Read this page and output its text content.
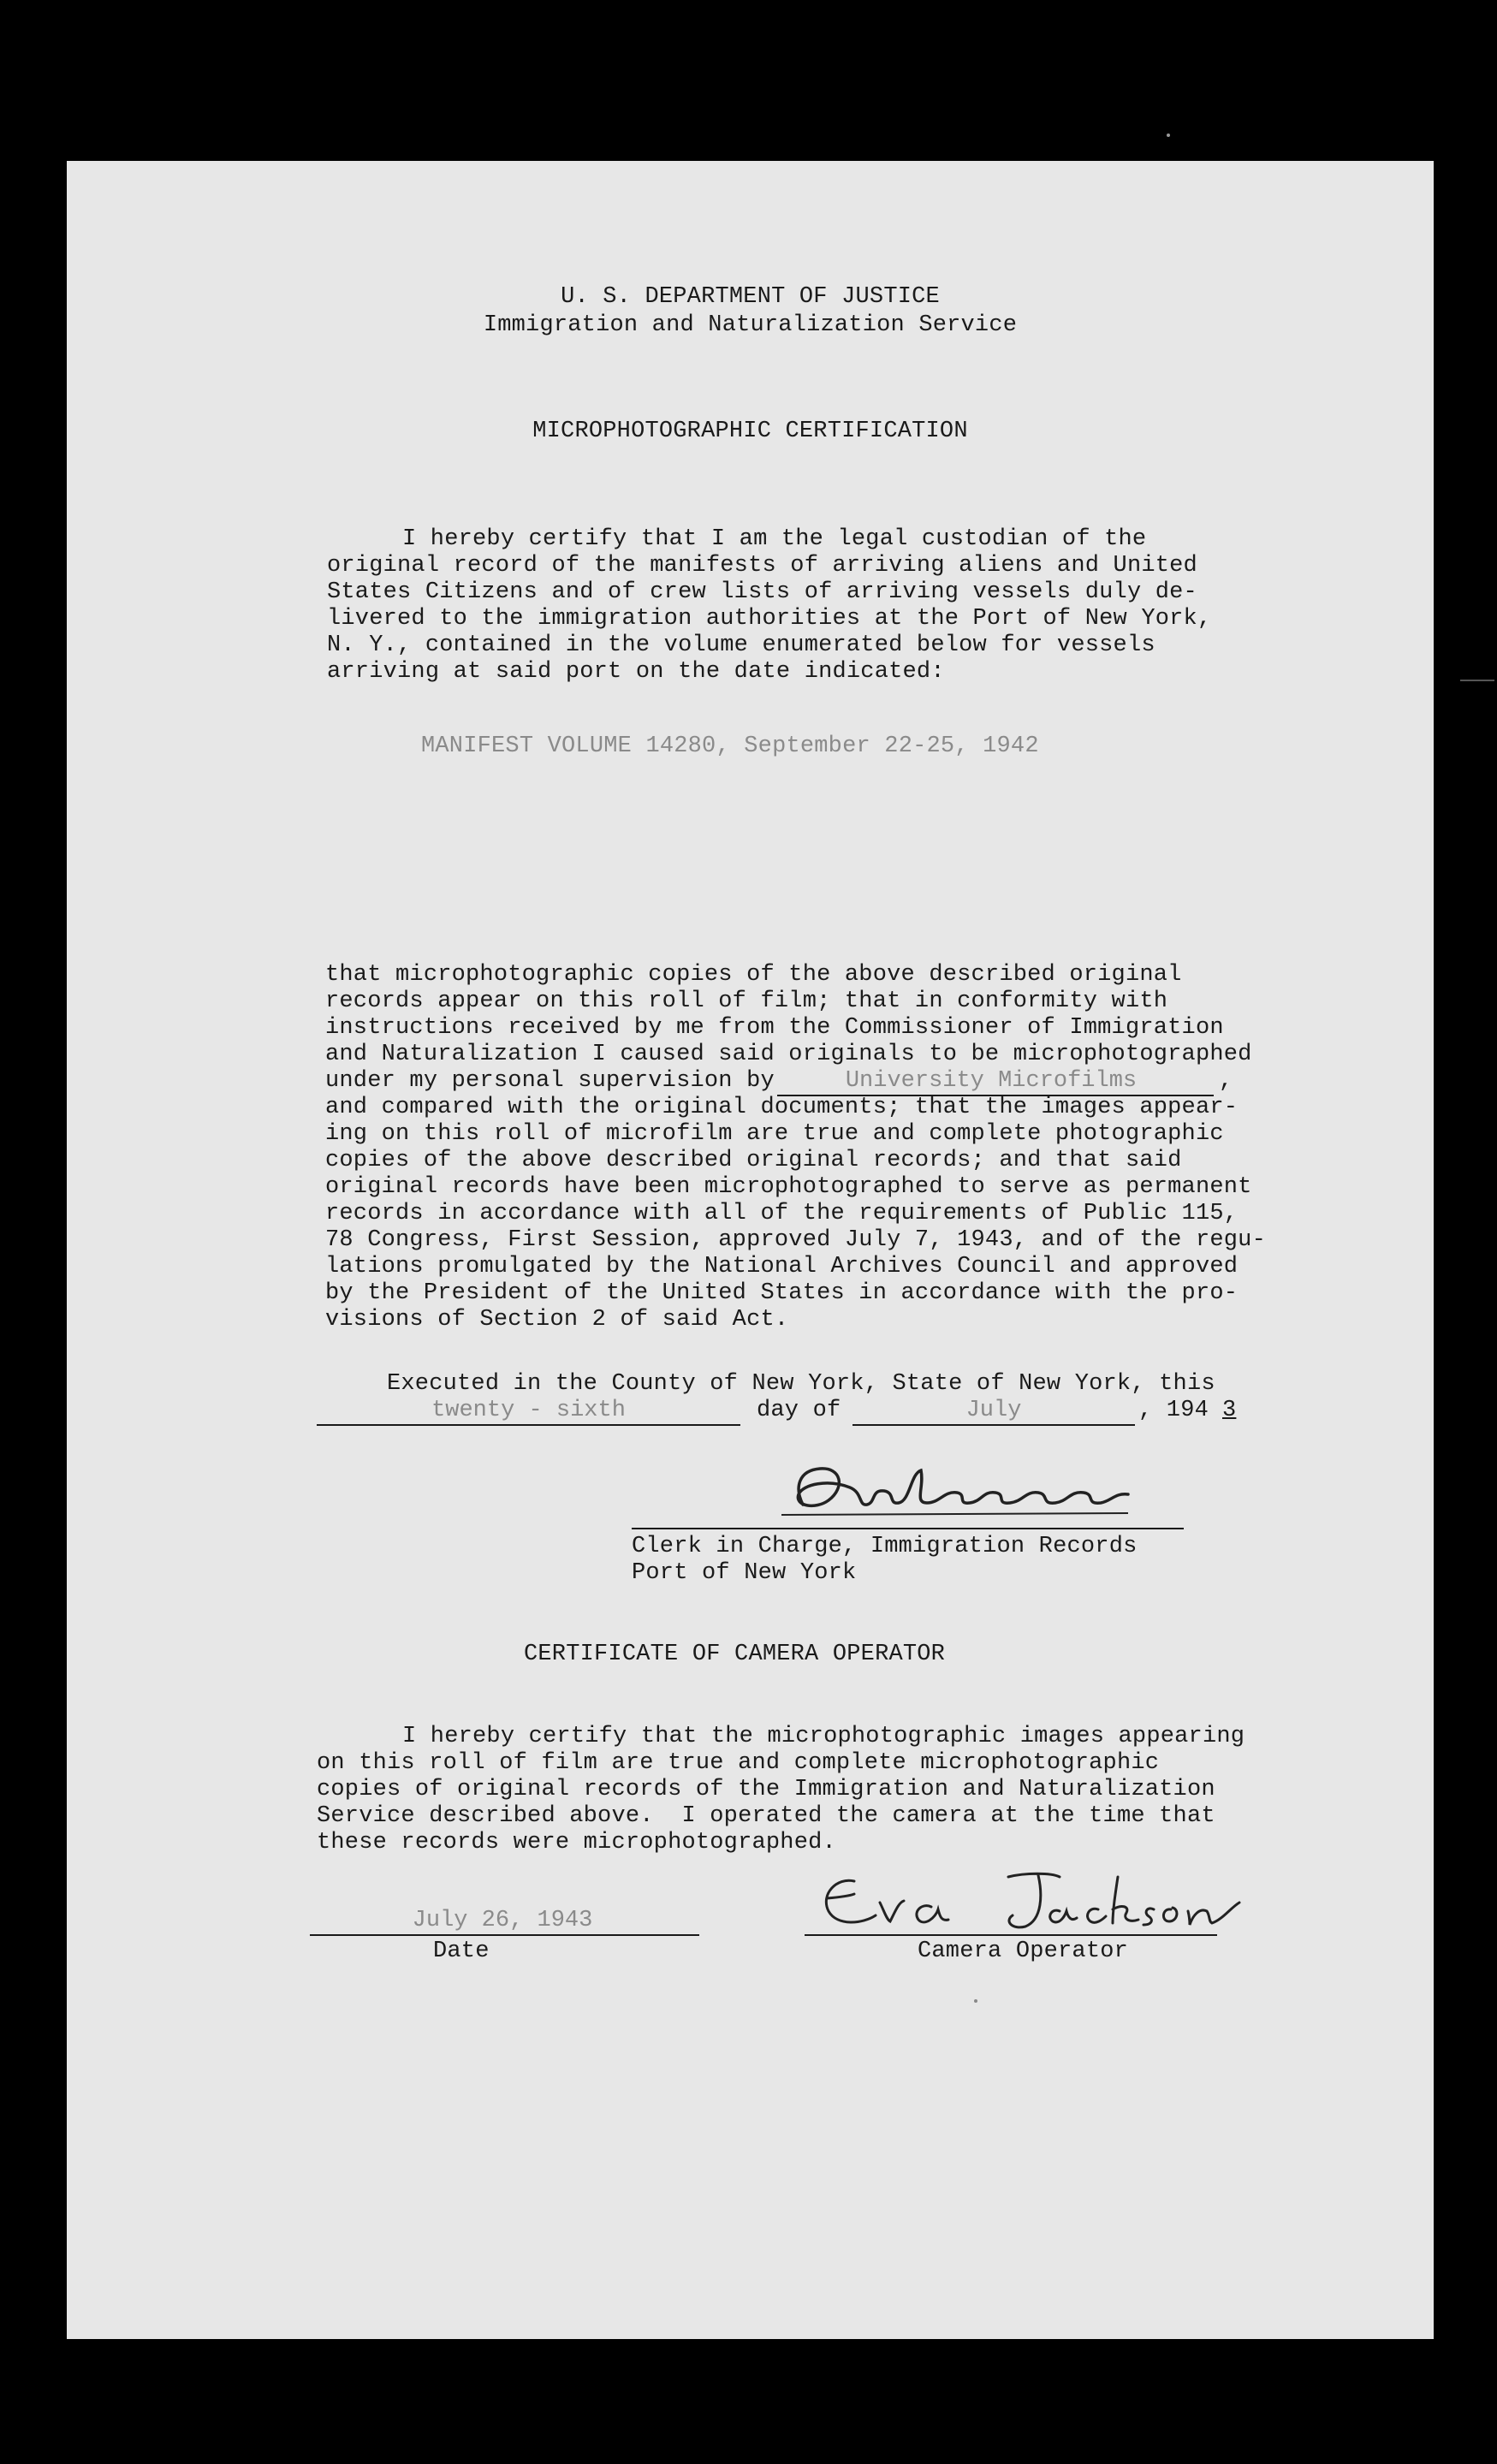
U. S. DEPARTMENT OF JUSTICE
Immigration and Naturalization Service
MICROPHOTOGRAPHIC CERTIFICATION
I hereby certify that I am the legal custodian of the
original record of the manifests of arriving aliens and United
States Citizens and of crew lists of arriving vessels duly de-
livered to the immigration authorities at the Port of New York,
N. Y., contained in the volume enumerated below for vessels
arriving at said port on the date indicated:
MANIFEST VOLUME 14280, September 22-25, 1942
that microphotographic copies of the above described original
records appear on this roll of film; that in conformity with
instructions received by me from the Commissioner of Immigration
and Naturalization I caused said originals to be microphotographed
under my personal supervision by	University Microfilms	,
and compared with the original documents; that the images appear-
ing on this roll of microfilm are true and complete photographic
copies of the above described original records; and that said
original records have been microphotographed to serve as permanent
records in accordance with all of the requirements of Public 115,
78 Congress, First Session, approved July 7, 1943, and of the regu-
lations promulgated by the National Archives Council and approved
by the President of the United States in accordance with the pro-
visions of Section 2 of said Act.
Executed in the County of New York, State of New York, this
twenty - sixth	day of	July	, 194 3
Clerk in Charge, Immigration Records
Port of New York
CERTIFICATE OF CAMERA OPERATOR
I hereby certify that the microphotographic images appearing
on this roll of film are true and complete microphotographic
copies of original records of the Immigration and Naturalization
Service described above.  I operated the camera at the time that
these records were microphotographed.
July 26, 1943
Date	Camera Operator
